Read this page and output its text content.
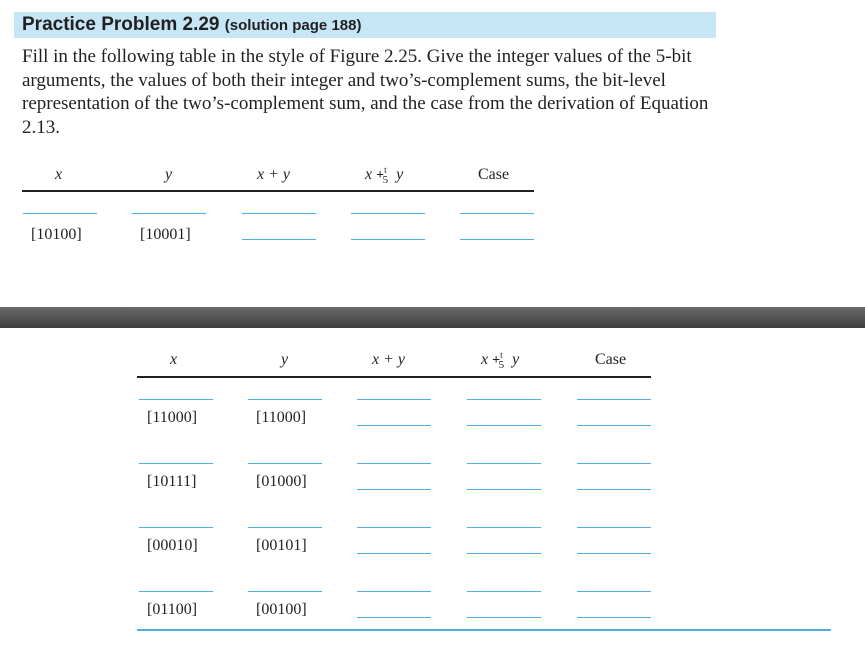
Practice Problem 2.29 (solution page 188)
Fill in the following table in the style of Figure 2.25. Give the integer values of the 5-bit arguments, the values of both their integer and two’s-complement sums, the bit-level representation of the two’s-complement sum, and the case from the derivation of Equation 2.13.
x	y	x + y	x +$^t_5$ y	Case
[10100]	[10001]
x	y	x + y	x +$^t_5$ y	Case
[11000]	[11000]
[10111]	[01000]
[00010]	[00101]
[01100]	[00100]
